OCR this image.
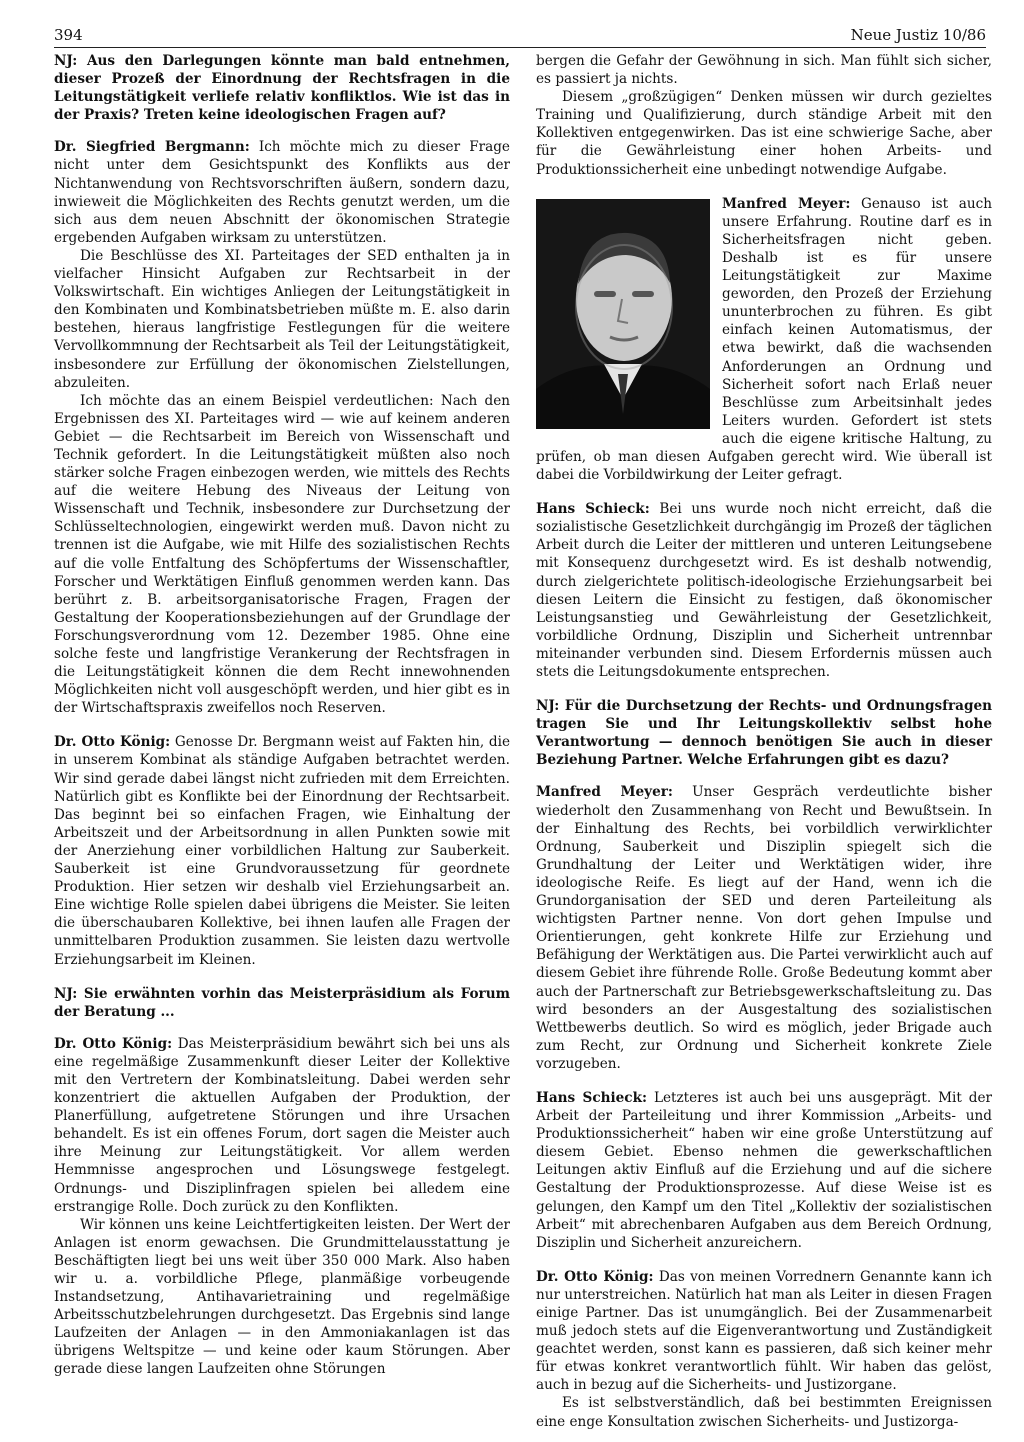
394	Neue Justiz 10/86

NJ: Aus den Darlegungen könnte man bald entnehmen, dieser Prozeß der Einordnung der Rechtsfragen in die Leitungstätigkeit verliefe relativ konfliktlos. Wie ist das in der Praxis? Treten keine ideologischen Fragen auf?

Dr. Siegfried Bergmann: Ich möchte mich zu dieser Frage nicht unter dem Gesichtspunkt des Konflikts aus der Nichtanwendung von Rechtsvorschriften äußern, sondern dazu, inwieweit die Möglichkeiten des Rechts genutzt werden, um die sich aus dem neuen Abschnitt der ökonomischen Strategie ergebenden Aufgaben wirksam zu unterstützen.

Die Beschlüsse des XI. Parteitages der SED enthalten ja in vielfacher Hinsicht Aufgaben zur Rechtsarbeit in der Volkswirtschaft. Ein wichtiges Anliegen der Leitungstätigkeit in den Kombinaten und Kombinatsbetrieben müßte m. E. also darin bestehen, hieraus langfristige Festlegungen für die weitere Vervollkommnung der Rechtsarbeit als Teil der Leitungstätigkeit, insbesondere zur Erfüllung der ökonomischen Zielstellungen, abzuleiten.

Ich möchte das an einem Beispiel verdeutlichen: Nach den Ergebnissen des XI. Parteitages wird — wie auf keinem anderen Gebiet — die Rechtsarbeit im Bereich von Wissenschaft und Technik gefordert. In die Leitungstätigkeit müßten also noch stärker solche Fragen einbezogen werden, wie mittels des Rechts auf die weitere Hebung des Niveaus der Leitung von Wissenschaft und Technik, insbesondere zur Durchsetzung der Schlüsseltechnologien, eingewirkt werden muß. Davon nicht zu trennen ist die Aufgabe, wie mit Hilfe des sozialistischen Rechts auf die volle Entfaltung des Schöpfertums der Wissenschaftler, Forscher und Werktätigen Einfluß genommen werden kann. Das berührt z. B. arbeitsorganisatorische Fragen, Fragen der Gestaltung der Kooperationsbeziehungen auf der Grundlage der Forschungsverordnung vom 12. Dezember 1985. Ohne eine solche feste und langfristige Verankerung der Rechtsfragen in die Leitungstätigkeit können die dem Recht innewohnenden Möglichkeiten nicht voll ausgeschöpft werden, und hier gibt es in der Wirtschaftspraxis zweifellos noch Reserven.

Dr. Otto König: Genosse Dr. Bergmann weist auf Fakten hin, die in unserem Kombinat als ständige Aufgaben betrachtet werden. Wir sind gerade dabei längst nicht zufrieden mit dem Erreichten. Natürlich gibt es Konflikte bei der Einordnung der Rechtsarbeit. Das beginnt bei so einfachen Fragen, wie Einhaltung der Arbeitszeit und der Arbeitsordnung in allen Punkten sowie mit der Anerziehung einer vorbildlichen Haltung zur Sauberkeit. Sauberkeit ist eine Grundvoraussetzung für geordnete Produktion. Hier setzen wir deshalb viel Erziehungsarbeit an. Eine wichtige Rolle spielen dabei übrigens die Meister. Sie leiten die überschaubaren Kollektive, bei ihnen laufen alle Fragen der unmittelbaren Produktion zusammen. Sie leisten dazu wertvolle Erziehungsarbeit im Kleinen.

NJ: Sie erwähnten vorhin das Meisterpräsidium als Forum der Beratung ...

Dr. Otto König: Das Meisterpräsidium bewährt sich bei uns als eine regelmäßige Zusammenkunft dieser Leiter der Kollektive mit den Vertretern der Kombinatsleitung. Dabei werden sehr konzentriert die aktuellen Aufgaben der Produktion, der Planerfüllung, aufgetretene Störungen und ihre Ursachen behandelt. Es ist ein offenes Forum, dort sagen die Meister auch ihre Meinung zur Leitungstätigkeit. Vor allem werden Hemmnisse angesprochen und Lösungswege festgelegt. Ordnungs- und Disziplinfragen spielen bei alledem eine erstrangige Rolle. Doch zurück zu den Konflikten.

Wir können uns keine Leichtfertigkeiten leisten. Der Wert der Anlagen ist enorm gewachsen. Die Grundmittelausstattung je Beschäftigten liegt bei uns weit über 350 000 Mark. Also haben wir u. a. vorbildliche Pflege, planmäßige vorbeugende Instandsetzung, Antihavarietraining und regelmäßige Arbeitsschutzbelehrungen durchgesetzt. Das Ergebnis sind lange Laufzeiten der Anlagen — in den Ammoniakanlagen ist das übrigens Weltspitze — und keine oder kaum Störungen. Aber gerade diese langen Laufzeiten ohne Störungen

bergen die Gefahr der Gewöhnung in sich. Man fühlt sich sicher, es passiert ja nichts.

Diesem „großzügigen“ Denken müssen wir durch gezieltes Training und Qualifizierung, durch ständige Arbeit mit den Kollektiven entgegenwirken. Das ist eine schwierige Sache, aber für die Gewährleistung einer hohen Arbeits- und Produktionssicherheit eine unbedingt notwendige Aufgabe.

Manfred Meyer: Genauso ist auch unsere Erfahrung. Routine darf es in Sicherheitsfragen nicht geben. Deshalb ist es für unsere Leitungstätigkeit zur Maxime geworden, den Prozeß der Erziehung ununterbrochen zu führen. Es gibt einfach keinen Automatismus, der etwa bewirkt, daß die wachsenden Anforderungen an Ordnung und Sicherheit sofort nach Erlaß neuer Beschlüsse zum Arbeitsinhalt jedes Leiters wurden. Gefordert ist stets auch die eigene kritische Haltung, zu prüfen, ob man diesen Aufgaben gerecht wird. Wie überall ist dabei die Vorbildwirkung der Leiter gefragt.

Hans Schieck: Bei uns wurde noch nicht erreicht, daß die sozialistische Gesetzlichkeit durchgängig im Prozeß der täglichen Arbeit durch die Leiter der mittleren und unteren Leitungsebene mit Konsequenz durchgesetzt wird. Es ist deshalb notwendig, durch zielgerichtete politisch-ideologische Erziehungsarbeit bei diesen Leitern die Einsicht zu festigen, daß ökonomischer Leistungsanstieg und Gewährleistung der Gesetzlichkeit, vorbildliche Ordnung, Disziplin und Sicherheit untrennbar miteinander verbunden sind. Diesem Erfordernis müssen auch stets die Leitungsdokumente entsprechen.

NJ: Für die Durchsetzung der Rechts- und Ordnungsfragen tragen Sie und Ihr Leitungskollektiv selbst hohe Verantwortung — dennoch benötigen Sie auch in dieser Beziehung Partner. Welche Erfahrungen gibt es dazu?

Manfred Meyer: Unser Gespräch verdeutlichte bisher wiederholt den Zusammenhang von Recht und Bewußtsein. In der Einhaltung des Rechts, bei vorbildlich verwirklichter Ordnung, Sauberkeit und Disziplin spiegelt sich die Grundhaltung der Leiter und Werktätigen wider, ihre ideologische Reife. Es liegt auf der Hand, wenn ich die Grundorganisation der SED und deren Parteileitung als wichtigsten Partner nenne. Von dort gehen Impulse und Orientierungen, geht konkrete Hilfe zur Erziehung und Befähigung der Werktätigen aus. Die Partei verwirklicht auch auf diesem Gebiet ihre führende Rolle. Große Bedeutung kommt aber auch der Partnerschaft zur Betriebsgewerkschaftsleitung zu. Das wird besonders an der Ausgestaltung des sozialistischen Wettbewerbs deutlich. So wird es möglich, jeder Brigade auch zum Recht, zur Ordnung und Sicherheit konkrete Ziele vorzugeben.

Hans Schieck: Letzteres ist auch bei uns ausgeprägt. Mit der Arbeit der Parteileitung und ihrer Kommission „Arbeits- und Produktionssicherheit“ haben wir eine große Unterstützung auf diesem Gebiet. Ebenso nehmen die gewerkschaftlichen Leitungen aktiv Einfluß auf die Erziehung und auf die sichere Gestaltung der Produktionsprozesse. Auf diese Weise ist es gelungen, den Kampf um den Titel „Kollektiv der sozialistischen Arbeit“ mit abrechenbaren Aufgaben aus dem Bereich Ordnung, Disziplin und Sicherheit anzureichern.

Dr. Otto König: Das von meinen Vorrednern Genannte kann ich nur unterstreichen. Natürlich hat man als Leiter in diesen Fragen einige Partner. Das ist unumgänglich. Bei der Zusammenarbeit muß jedoch stets auf die Eigenverantwortung und Zuständigkeit geachtet werden, sonst kann es passieren, daß sich keiner mehr für etwas konkret verantwortlich fühlt. Wir haben das gelöst, auch in bezug auf die Sicherheits- und Justizorgane.

Es ist selbstverständlich, daß bei bestimmten Ereignissen eine enge Konsultation zwischen Sicherheits- und Justizorga-
